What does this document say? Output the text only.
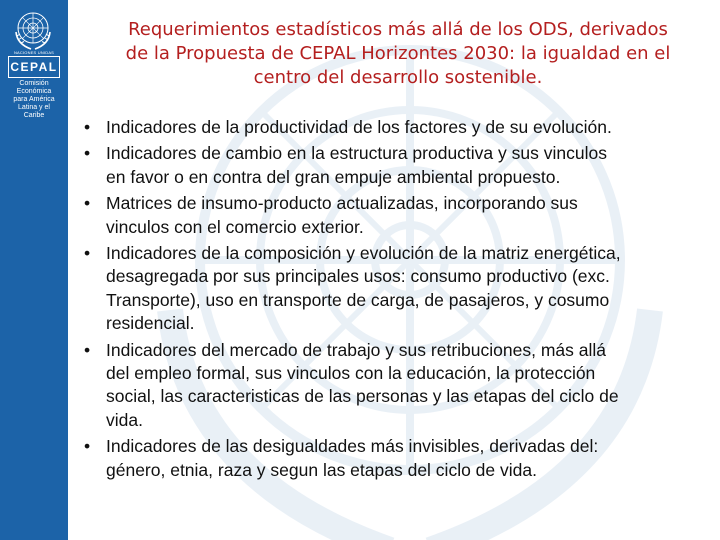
NACIONES UNIDAS
CEPAL
Comisión
Económica
para América
Latina y el
Caribe
Requerimientos estadísticos más allá de los ODS, derivados
de la Propuesta de CEPAL Horizontes 2030: la igualdad en el
centro del desarrollo sostenible.
• Indicadores de la productividad de los factores y de su evolución.
• Indicadores de cambio en la estructura productiva y sus vinculos
en favor o en contra del gran empuje ambiental propuesto.
• Matrices de insumo-producto actualizadas, incorporando sus
vinculos con el comercio exterior.
• Indicadores de la composición y evolución de la matriz energética,
desagregada por sus principales usos: consumo productivo (exc.
Transporte), uso en transporte de carga, de pasajeros, y cosumo
residencial.
• Indicadores del mercado de trabajo y sus retribuciones, más allá
del empleo formal, sus vinculos con la educación, la protección
social, las caracteristicas de las personas y las etapas del ciclo de
vida.
• Indicadores de las desigualdades más invisibles, derivadas del:
género, etnia, raza y segun las etapas del ciclo de vida.
